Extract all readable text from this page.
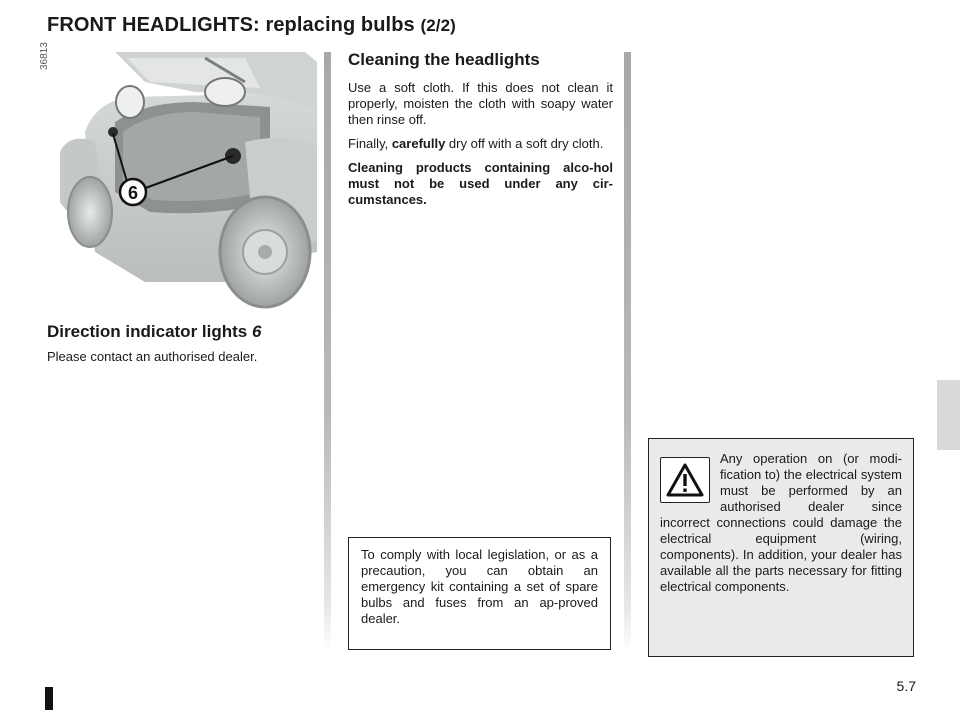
FRONT HEADLIGHTS: replacing bulbs (2/2)
36813
6
Direction indicator lights 6
Please contact an authorised dealer.
Cleaning the headlights

Use a soft cloth. If this does not clean it properly, moisten the cloth with soapy water then rinse off.

Finally, carefully dry off with a soft dry cloth.

Cleaning products containing alco-hol must not be used under any cir-cumstances.

To comply with local legislation, or as a precaution, you can obtain an emergency kit containing a set of spare bulbs and fuses from an ap-proved dealer.

Any operation on (or modi-fication to) the electrical system must be performed by an authorised dealer since incorrect connections could damage the electrical equipment (wiring, components). In addition, your dealer has available all the parts necessary for fitting electrical components.

5.7
